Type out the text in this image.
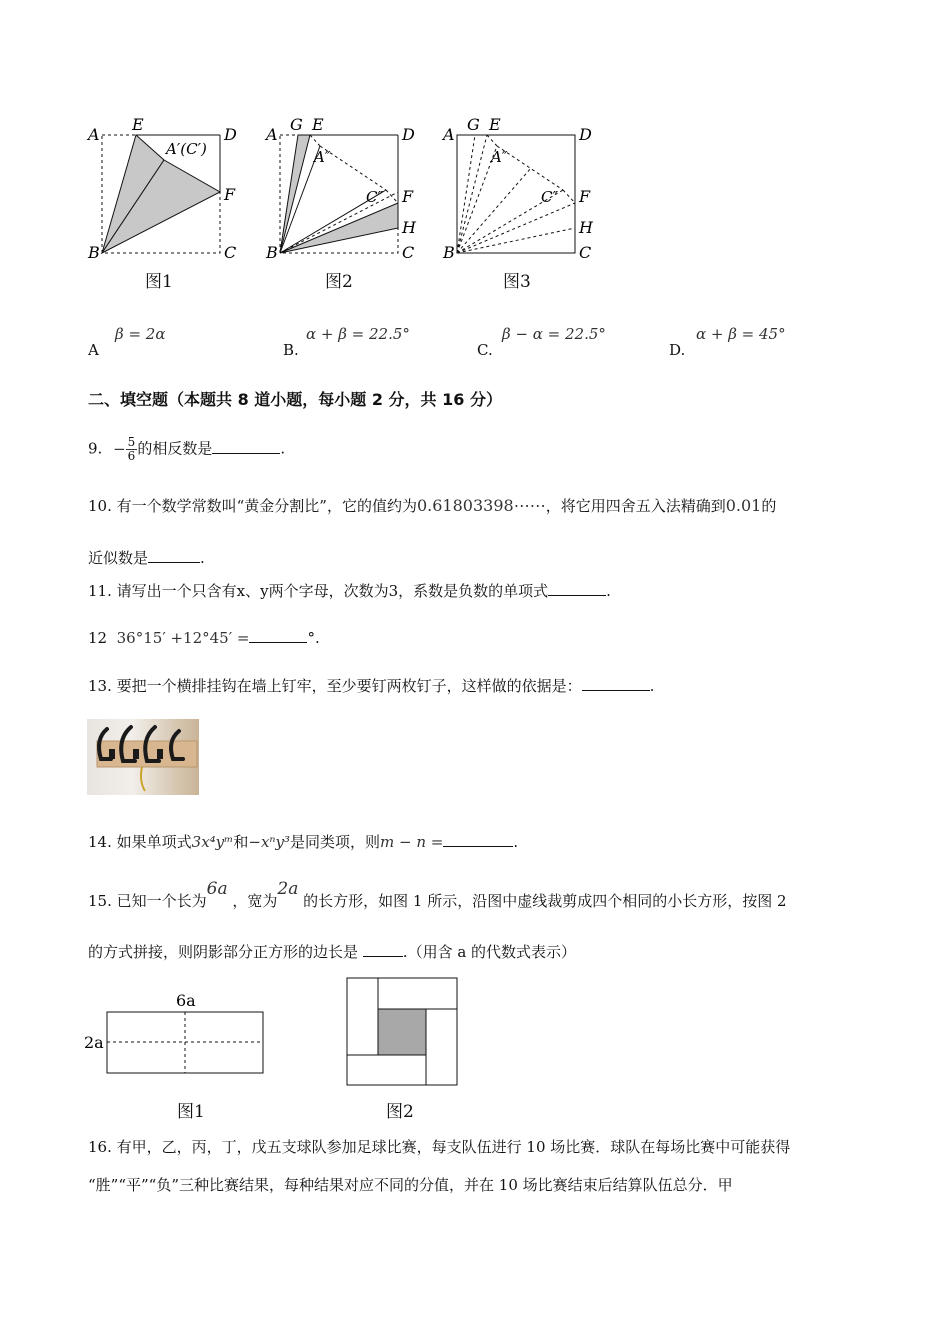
A
E
D
A′(C′)
F
B	C
图1
A
G E
D
A″
C″ F
H
B	C
图2
A
G E
D
A″
C″ F
H
B	C
图3
A
β = 2α
B.
α + β = 22.5°
C.
β − α = 22.5°
D.
α + β = 45°
二、填空题（本题共 8 道小题，每小题 2 分，共 16 分）
9. − $\frac{5}{6}$ 的相反数是	.
10. 有一个数学常数叫“黄金分割比”，它的值约为0.61803398⋯⋯，将它用四舍五入法精确到0.01的
近似数是	.
11. 请写出一个只含有x、y两个字母，次数为3，系数是负数的单项式	.
12 36°15′ +12°45′ =	°.
13. 要把一个横排挂钩在墙上钉牢，至少要钉两枚钉子，这样做的依据是：	.
14. 如果单项式3x⁴yᵐ和−xⁿy³是同类项，则m − n =	.
15. 已知一个长为6a ，宽为2a 的长方形，如图 1 所示，沿图中虚线裁剪成四个相同的小长方形，按图 2
的方式拼接，则阴影部分正方形的边长是	.（用含 a 的代数式表示）
6a
2a
图1	图2
16. 有甲，乙，丙，丁，戊五支球队参加足球比赛，每支队伍进行 10 场比赛．球队在每场比赛中可能获得
“胜”“平”“负”三种比赛结果，每种结果对应不同的分值，并在 10 场比赛结束后结算队伍总分．甲
